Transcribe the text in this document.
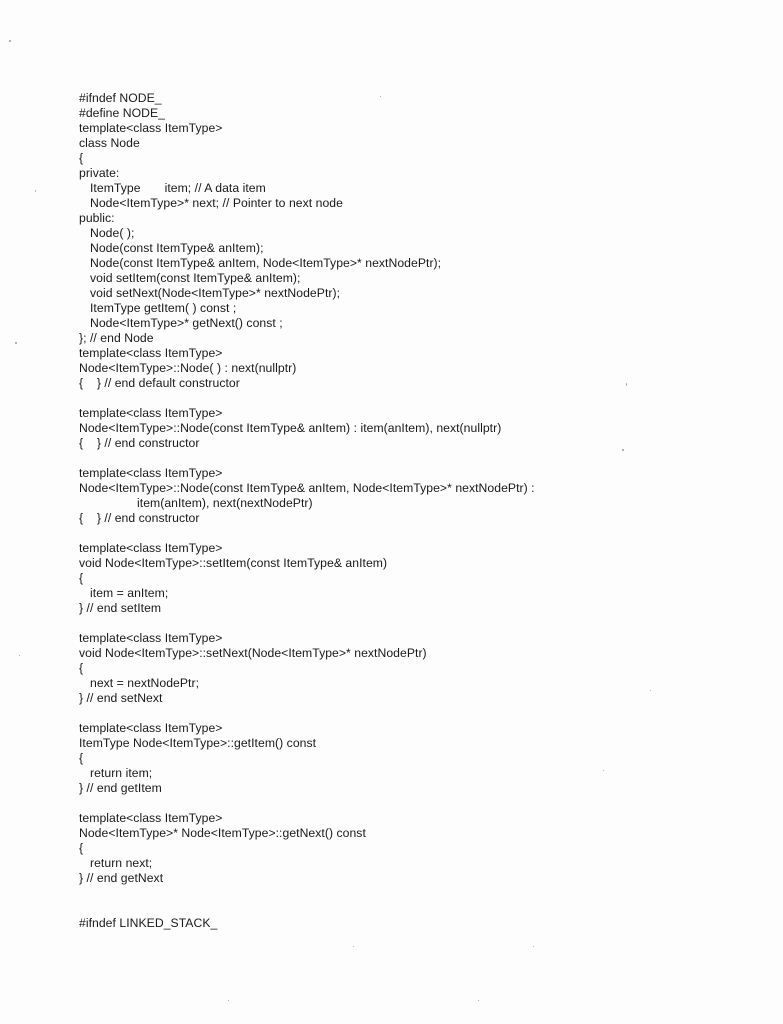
#ifndef NODE_
#define NODE_
template<class ItemType>
class Node
{
private:
ItemType       item; // A data item
Node<ItemType>* next; // Pointer to next node
public:
Node( );
Node(const ItemType& anItem);
Node(const ItemType& anItem, Node<ItemType>* nextNodePtr);
void setItem(const ItemType& anItem);
void setNext(Node<ItemType>* nextNodePtr);
ItemType getItem( ) const ;
Node<ItemType>* getNext() const ;
}; // end Node
template<class ItemType>
Node<ItemType>::Node( ) : next(nullptr)
{    } // end default constructor
template<class ItemType>
Node<ItemType>::Node(const ItemType& anItem) : item(anItem), next(nullptr)
{    } // end constructor
template<class ItemType>
Node<ItemType>::Node(const ItemType& anItem, Node<ItemType>* nextNodePtr) :
item(anItem), next(nextNodePtr)
{    } // end constructor
template<class ItemType>
void Node<ItemType>::setItem(const ItemType& anItem)
{
item = anItem;
} // end setItem
template<class ItemType>
void Node<ItemType>::setNext(Node<ItemType>* nextNodePtr)
{
next = nextNodePtr;
} // end setNext
template<class ItemType>
ItemType Node<ItemType>::getItem() const
{
return item;
} // end getItem
template<class ItemType>
Node<ItemType>* Node<ItemType>::getNext() const
{
return next;
} // end getNext
#ifndef LINKED_STACK_
